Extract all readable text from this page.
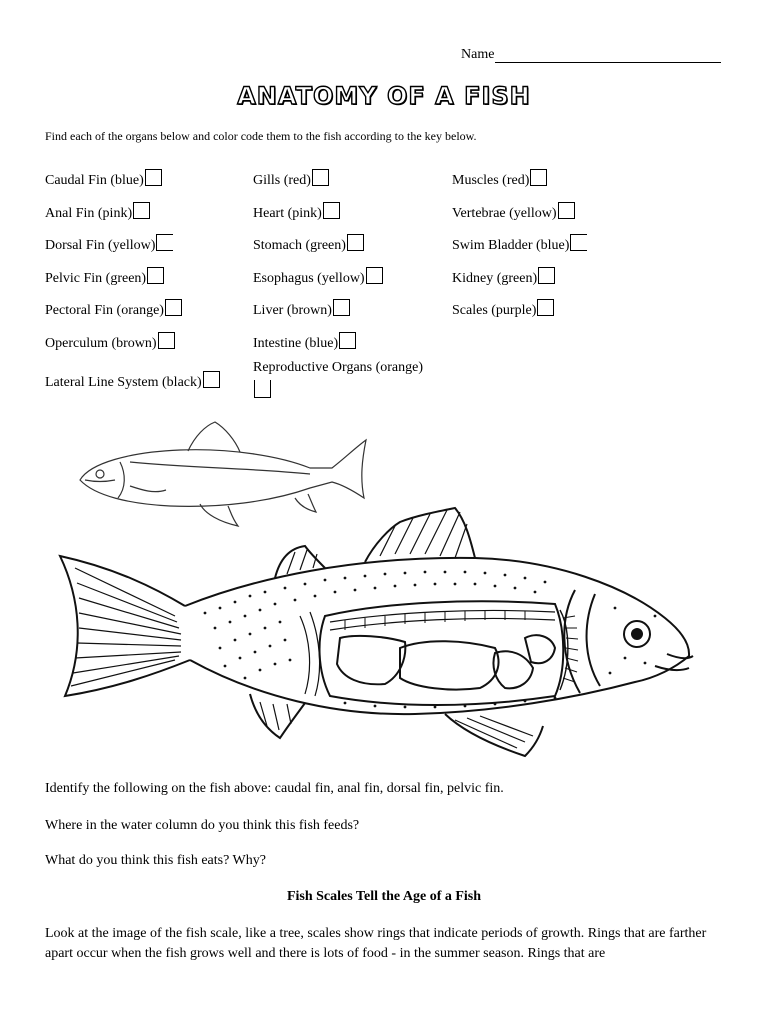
Name
ANATOMY OF A FISH
Find each of the organs below and color code them to the fish according to the key below.
Caudal Fin (blue)
Anal Fin (pink)
Dorsal Fin (yellow)
Pelvic Fin (green)
Pectoral Fin (orange)
Operculum (brown)
Lateral Line System (black)
Gills (red)
Heart (pink)
Stomach (green)
Esophagus (yellow)
Liver (brown)
Intestine (blue)
Reproductive Organs (orange)
Muscles (red)
Vertebrae (yellow)
Swim Bladder (blue)
Kidney (green)
Scales (purple)
Identify the following on the fish above: caudal fin, anal fin, dorsal fin, pelvic fin.
Where in the water column do you think this fish feeds?
What do you think this fish eats? Why?
Fish Scales Tell the Age of a Fish
Look at the image of the fish scale, like a tree, scales show rings that indicate periods of growth. Rings that are farther apart occur when the fish grows well and there is lots of food - in the summer season. Rings that are
